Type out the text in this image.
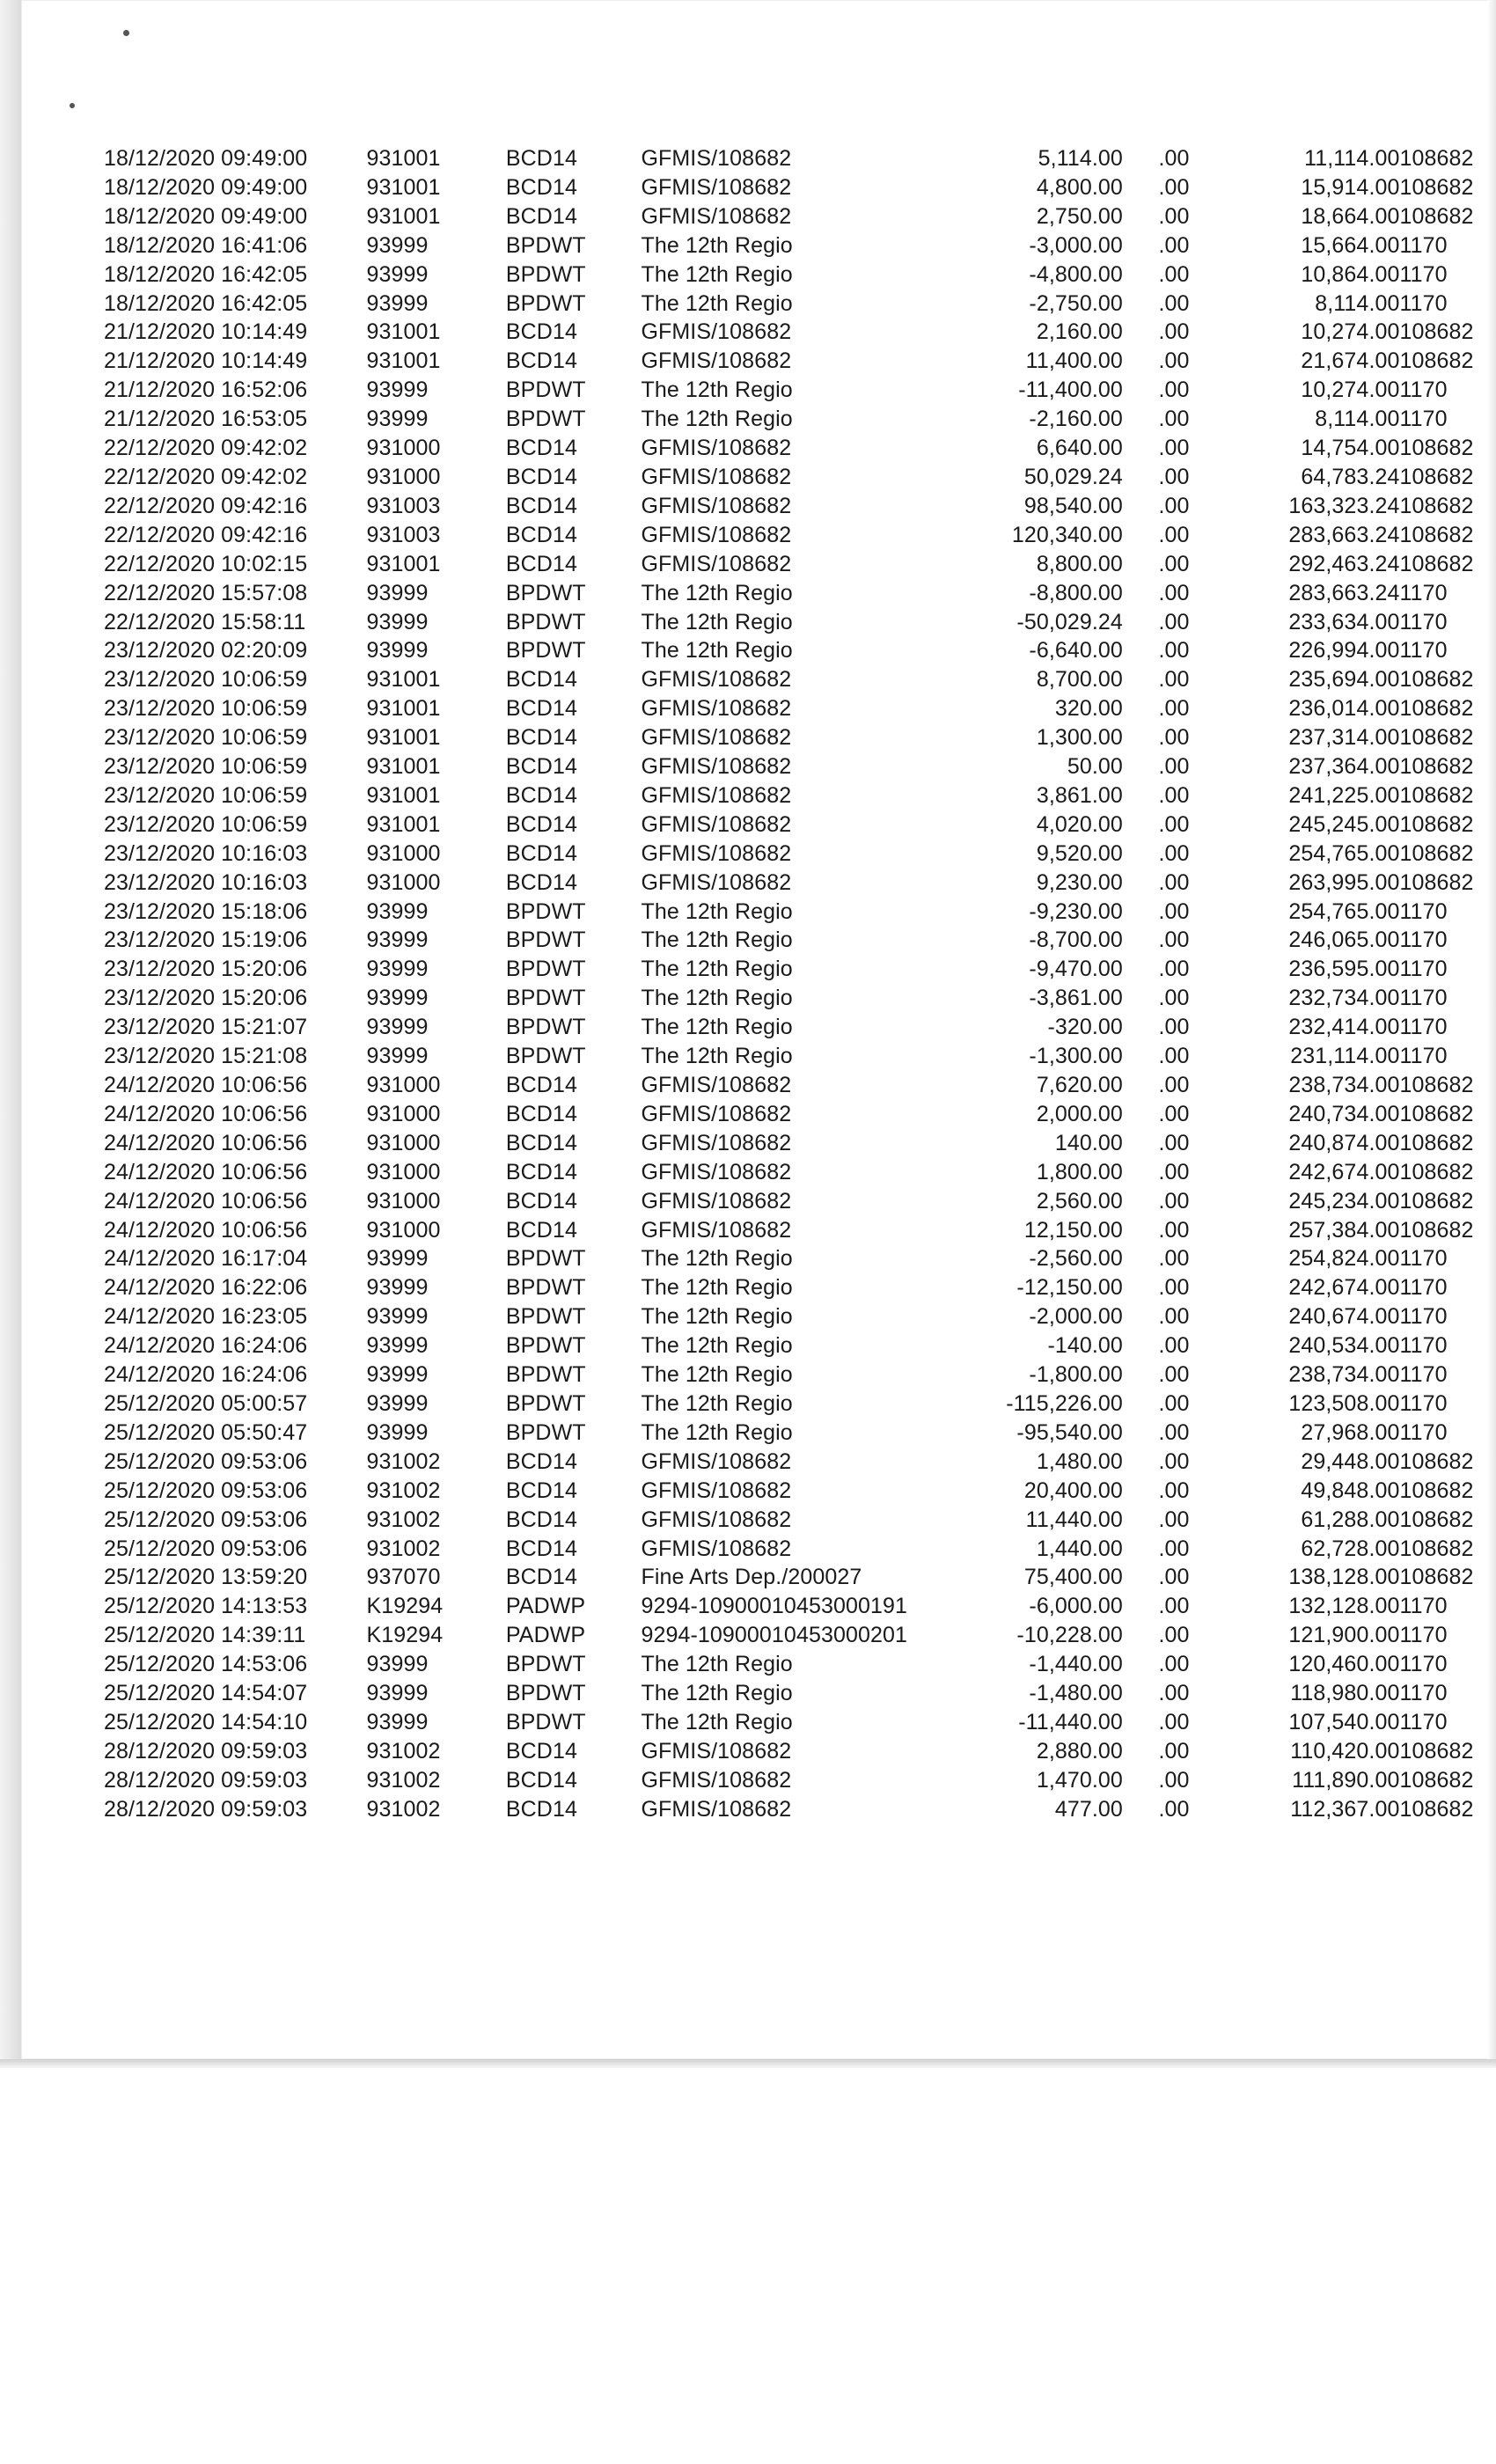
18/12/2020 09:49:00	931001	BCD14	GFMIS/108682	5,114.00	.00	11,114.00	108682
18/12/2020 09:49:00	931001	BCD14	GFMIS/108682	4,800.00	.00	15,914.00	108682
18/12/2020 09:49:00	931001	BCD14	GFMIS/108682	2,750.00	.00	18,664.00	108682
18/12/2020 16:41:06	93999	BPDWT	The 12th Regio	-3,000.00	.00	15,664.00	1170
18/12/2020 16:42:05	93999	BPDWT	The 12th Regio	-4,800.00	.00	10,864.00	1170
18/12/2020 16:42:05	93999	BPDWT	The 12th Regio	-2,750.00	.00	8,114.00	1170
21/12/2020 10:14:49	931001	BCD14	GFMIS/108682	2,160.00	.00	10,274.00	108682
21/12/2020 10:14:49	931001	BCD14	GFMIS/108682	11,400.00	.00	21,674.00	108682
21/12/2020 16:52:06	93999	BPDWT	The 12th Regio	-11,400.00	.00	10,274.00	1170
21/12/2020 16:53:05	93999	BPDWT	The 12th Regio	-2,160.00	.00	8,114.00	1170
22/12/2020 09:42:02	931000	BCD14	GFMIS/108682	6,640.00	.00	14,754.00	108682
22/12/2020 09:42:02	931000	BCD14	GFMIS/108682	50,029.24	.00	64,783.24	108682
22/12/2020 09:42:16	931003	BCD14	GFMIS/108682	98,540.00	.00	163,323.24	108682
22/12/2020 09:42:16	931003	BCD14	GFMIS/108682	120,340.00	.00	283,663.24	108682
22/12/2020 10:02:15	931001	BCD14	GFMIS/108682	8,800.00	.00	292,463.24	108682
22/12/2020 15:57:08	93999	BPDWT	The 12th Regio	-8,800.00	.00	283,663.24	1170
22/12/2020 15:58:11	93999	BPDWT	The 12th Regio	-50,029.24	.00	233,634.00	1170
23/12/2020 02:20:09	93999	BPDWT	The 12th Regio	-6,640.00	.00	226,994.00	1170
23/12/2020 10:06:59	931001	BCD14	GFMIS/108682	8,700.00	.00	235,694.00	108682
23/12/2020 10:06:59	931001	BCD14	GFMIS/108682	320.00	.00	236,014.00	108682
23/12/2020 10:06:59	931001	BCD14	GFMIS/108682	1,300.00	.00	237,314.00	108682
23/12/2020 10:06:59	931001	BCD14	GFMIS/108682	50.00	.00	237,364.00	108682
23/12/2020 10:06:59	931001	BCD14	GFMIS/108682	3,861.00	.00	241,225.00	108682
23/12/2020 10:06:59	931001	BCD14	GFMIS/108682	4,020.00	.00	245,245.00	108682
23/12/2020 10:16:03	931000	BCD14	GFMIS/108682	9,520.00	.00	254,765.00	108682
23/12/2020 10:16:03	931000	BCD14	GFMIS/108682	9,230.00	.00	263,995.00	108682
23/12/2020 15:18:06	93999	BPDWT	The 12th Regio	-9,230.00	.00	254,765.00	1170
23/12/2020 15:19:06	93999	BPDWT	The 12th Regio	-8,700.00	.00	246,065.00	1170
23/12/2020 15:20:06	93999	BPDWT	The 12th Regio	-9,470.00	.00	236,595.00	1170
23/12/2020 15:20:06	93999	BPDWT	The 12th Regio	-3,861.00	.00	232,734.00	1170
23/12/2020 15:21:07	93999	BPDWT	The 12th Regio	-320.00	.00	232,414.00	1170
23/12/2020 15:21:08	93999	BPDWT	The 12th Regio	-1,300.00	.00	231,114.00	1170
24/12/2020 10:06:56	931000	BCD14	GFMIS/108682	7,620.00	.00	238,734.00	108682
24/12/2020 10:06:56	931000	BCD14	GFMIS/108682	2,000.00	.00	240,734.00	108682
24/12/2020 10:06:56	931000	BCD14	GFMIS/108682	140.00	.00	240,874.00	108682
24/12/2020 10:06:56	931000	BCD14	GFMIS/108682	1,800.00	.00	242,674.00	108682
24/12/2020 10:06:56	931000	BCD14	GFMIS/108682	2,560.00	.00	245,234.00	108682
24/12/2020 10:06:56	931000	BCD14	GFMIS/108682	12,150.00	.00	257,384.00	108682
24/12/2020 16:17:04	93999	BPDWT	The 12th Regio	-2,560.00	.00	254,824.00	1170
24/12/2020 16:22:06	93999	BPDWT	The 12th Regio	-12,150.00	.00	242,674.00	1170
24/12/2020 16:23:05	93999	BPDWT	The 12th Regio	-2,000.00	.00	240,674.00	1170
24/12/2020 16:24:06	93999	BPDWT	The 12th Regio	-140.00	.00	240,534.00	1170
24/12/2020 16:24:06	93999	BPDWT	The 12th Regio	-1,800.00	.00	238,734.00	1170
25/12/2020 05:00:57	93999	BPDWT	The 12th Regio	-115,226.00	.00	123,508.00	1170
25/12/2020 05:50:47	93999	BPDWT	The 12th Regio	-95,540.00	.00	27,968.00	1170
25/12/2020 09:53:06	931002	BCD14	GFMIS/108682	1,480.00	.00	29,448.00	108682
25/12/2020 09:53:06	931002	BCD14	GFMIS/108682	20,400.00	.00	49,848.00	108682
25/12/2020 09:53:06	931002	BCD14	GFMIS/108682	11,440.00	.00	61,288.00	108682
25/12/2020 09:53:06	931002	BCD14	GFMIS/108682	1,440.00	.00	62,728.00	108682
25/12/2020 13:59:20	937070	BCD14	Fine Arts Dep./200027	75,400.00	.00	138,128.00	108682
25/12/2020 14:13:53	K19294	PADWP	9294-10900010453000191	-6,000.00	.00	132,128.00	1170
25/12/2020 14:39:11	K19294	PADWP	9294-10900010453000201	-10,228.00	.00	121,900.00	1170
25/12/2020 14:53:06	93999	BPDWT	The 12th Regio	-1,440.00	.00	120,460.00	1170
25/12/2020 14:54:07	93999	BPDWT	The 12th Regio	-1,480.00	.00	118,980.00	1170
25/12/2020 14:54:10	93999	BPDWT	The 12th Regio	-11,440.00	.00	107,540.00	1170
28/12/2020 09:59:03	931002	BCD14	GFMIS/108682	2,880.00	.00	110,420.00	108682
28/12/2020 09:59:03	931002	BCD14	GFMIS/108682	1,470.00	.00	111,890.00	108682
28/12/2020 09:59:03	931002	BCD14	GFMIS/108682	477.00	.00	112,367.00	108682
